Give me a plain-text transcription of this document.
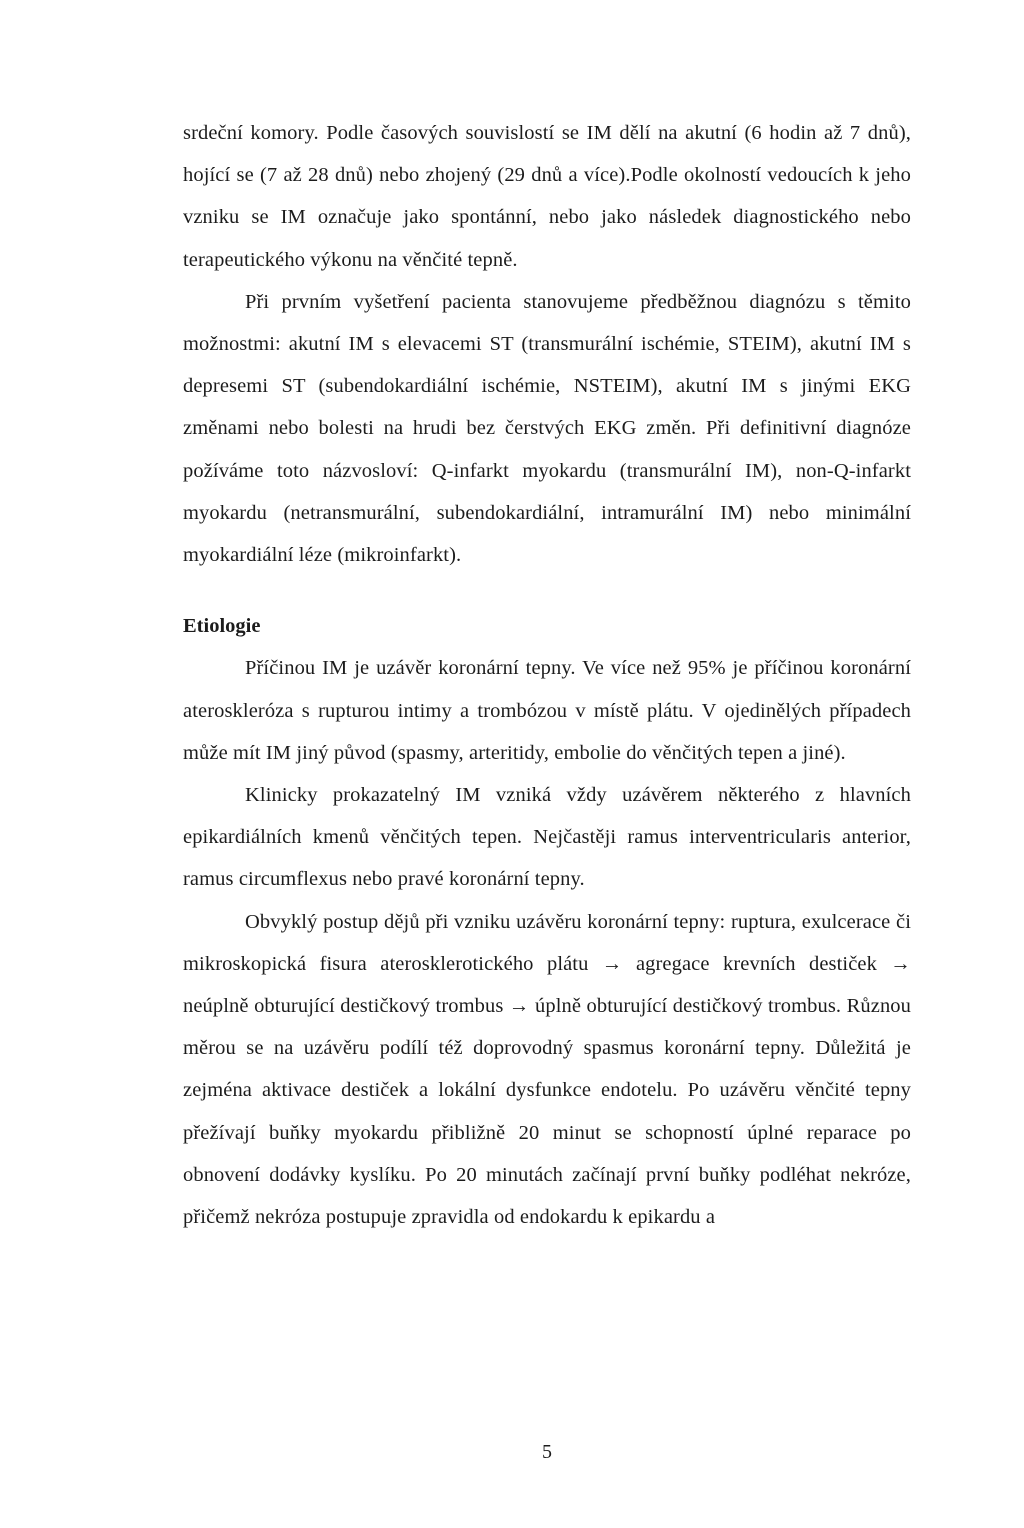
srdeční komory. Podle časových souvislostí se IM dělí na akutní (6 hodin až 7 dnů), hojící se (7 až 28 dnů) nebo zhojený (29 dnů a více).Podle okolností vedoucích k jeho vzniku se IM označuje jako spontánní, nebo jako následek diagnostického nebo terapeutického výkonu na věnčité tepně.

Při prvním vyšetření pacienta stanovujeme předběžnou diagnózu s těmito možnostmi: akutní IM s elevacemi ST (transmurální ischémie, STEIM), akutní IM s depresemi ST (subendokardiální ischémie, NSTEIM), akutní IM s jinými EKG změnami nebo bolesti na hrudi bez čerstvých EKG změn. Při definitivní diagnóze požíváme toto názvosloví: Q-infarkt myokardu (transmurální IM), non-Q-infarkt myokardu (netransmurální, subendokardiální, intramurální IM) nebo minimální myokardiální léze (mikroinfarkt).

Etiologie

Příčinou IM je uzávěr koronární tepny. Ve více než 95% je příčinou koronární ateroskleróza s rupturou intimy a trombózou v místě plátu. V ojedinělých případech může mít IM jiný původ (spasmy, arteritidy, embolie do věnčitých tepen a jiné).

Klinicky prokazatelný IM vzniká vždy uzávěrem některého z hlavních epikardiálních kmenů věnčitých tepen. Nejčastěji ramus interventricularis anterior, ramus circumflexus nebo pravé koronární tepny.

Obvyklý postup dějů při vzniku uzávěru koronární tepny: ruptura, exulcerace či mikroskopická fisura aterosklerotického plátu → agregace krevních destiček → neúplně obturující destičkový trombus → úplně obturující destičkový trombus. Různou měrou se na uzávěru podílí též doprovodný spasmus koronární tepny. Důležitá je zejména aktivace destiček a lokální dysfunkce endotelu. Po uzávěru věnčité tepny přežívají buňky myokardu přibližně 20 minut se schopností úplné reparace po obnovení dodávky kyslíku. Po 20 minutách začínají první buňky podléhat nekróze, přičemž nekróza postupuje zpravidla od endokardu k epikardu a

5
